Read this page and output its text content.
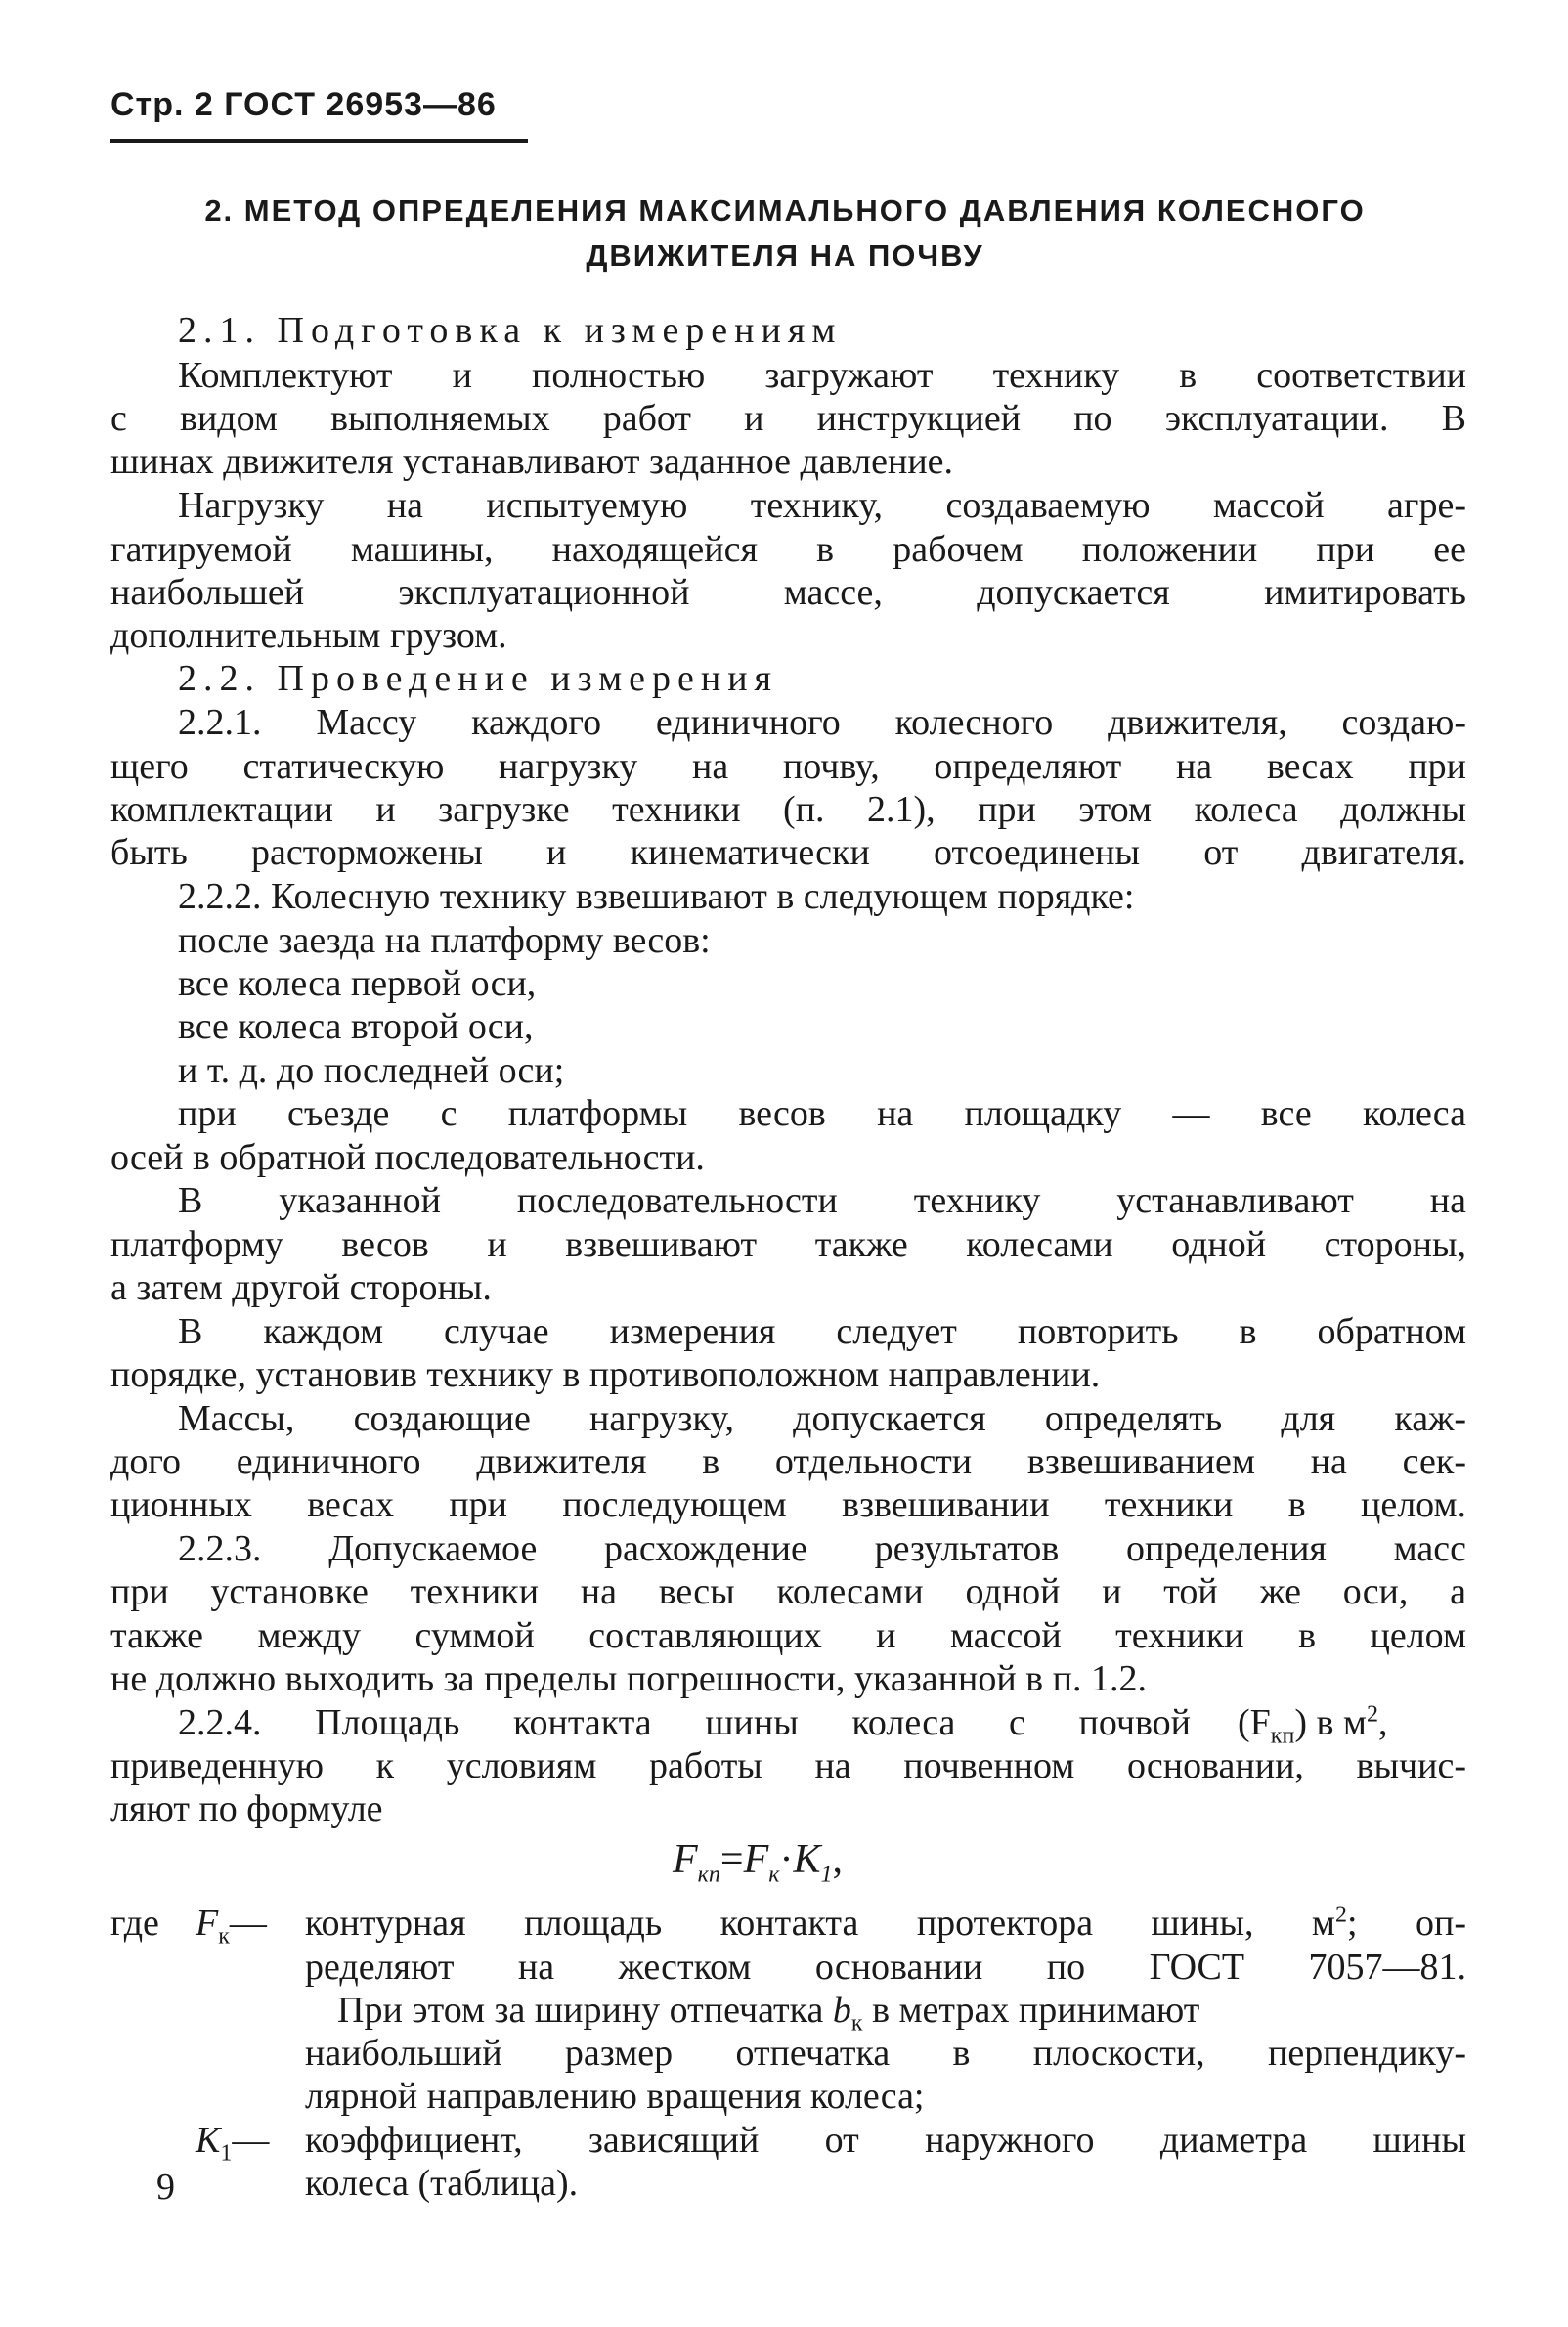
Стр. 2 ГОСТ 26953—86
2. МЕТОД ОПРЕДЕЛЕНИЯ МАКСИМАЛЬНОГО ДАВЛЕНИЯ КОЛЕСНОГО
ДВИЖИТЕЛЯ НА ПОЧВУ
2.1. Подготовка к измерениям
Комплектуют и полностью загружают технику в соответствии
с видом выполняемых работ и инструкцией по эксплуатации. В
шинах движителя устанавливают заданное давление.
Нагрузку на испытуемую технику, создаваемую массой агре-
гатируемой машины, находящейся в рабочем положении при ее
наибольшей эксплуатационной массе, допускается имитировать
дополнительным грузом.
2.2. Проведение измерения
2.2.1. Массу каждого единичного колесного движителя, создаю-
щего статическую нагрузку на почву, определяют на весах при
комплектации и загрузке техники (п. 2.1), при этом колеса должны
быть расторможены и кинематически отсоединены от двигателя.
2.2.2. Колесную технику взвешивают в следующем порядке:
после заезда на платформу весов:
все колеса первой оси,
все колеса второй оси,
и т. д. до последней оси;
при съезде с платформы весов на площадку — все колеса
осей в обратной последовательности.
В указанной последовательности технику устанавливают на
платформу весов и взвешивают также колесами одной стороны,
а затем другой стороны.
В каждом случае измерения следует повторить в обратном
порядке, установив технику в противоположном направлении.
Массы, создающие нагрузку, допускается определять для каж-
дого единичного движителя в отдельности взвешиванием на сек-
ционных весах при последующем взвешивании техники в целом.
2.2.3. Допускаемое расхождение результатов определения масс
при установке техники на весы колесами одной и той же оси, а
также между суммой составляющих и массой техники в целом
не должно выходить за пределы погрешности, указанной в п. 1.2.
2.2.4. Площадь контакта шины колеса с почвой $(F_{кп})$ в $м^2$,
приведенную к условиям работы на почвенном основании, вычис-
ляют по формуле
$F_{кп}=F_к\cdot K_1$,
где $F_к—$ контурная площадь контакта протектора шины, $м^2$; оп-
ределяют на жестком основании по ГОСТ 7057—81.
При этом за ширину отпечатка $b_к$ в метрах принимают
наибольший размер отпечатка в плоскости, перпендику-
лярной направлению вращения колеса;
$K_1—$ коэффициент, зависящий от наружного диаметра шины
колеса (таблица).
9
